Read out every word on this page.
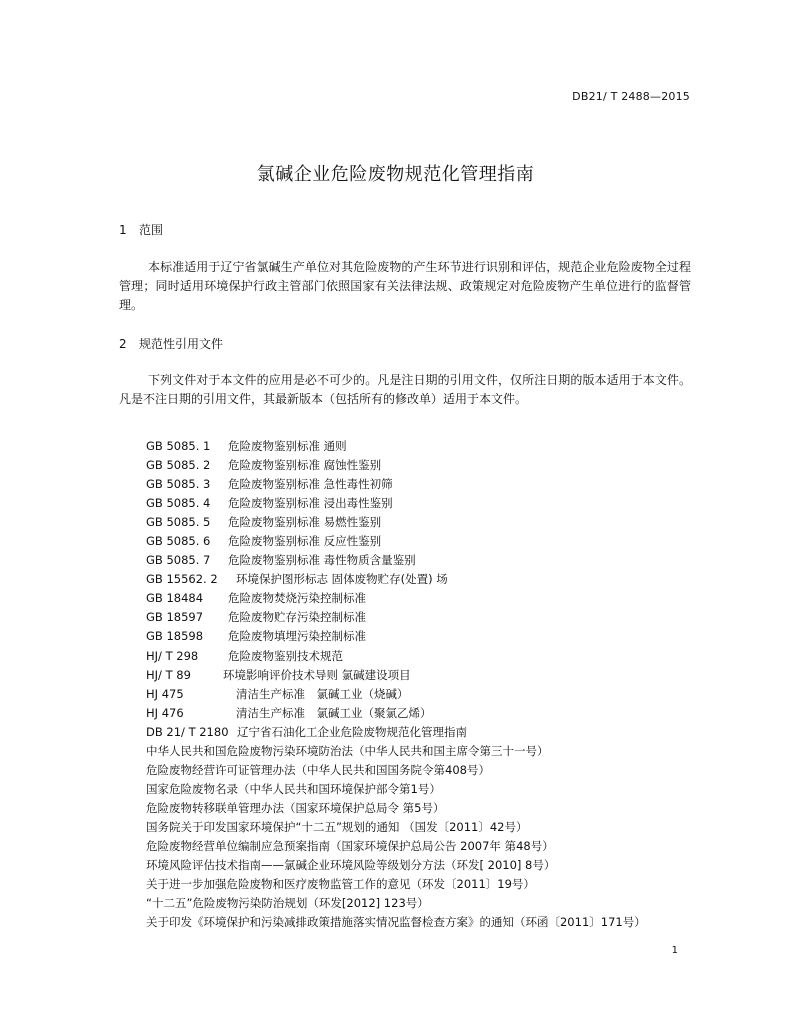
DB21/ T 2488—2015
氯碱企业危险废物规范化管理指南
1 范围

本标准适用于辽宁省氯碱生产单位对其危险废物的产生环节进行识别和评估，规范企业危险废物全过程管理；同时适用环境保护行政主管部门依照国家有关法律法规、政策规定对危险废物产生单位进行的监督管理。

2 规范性引用文件

下列文件对于本文件的应用是必不可少的。凡是注日期的引用文件，仅所注日期的版本适用于本文件。凡是不注日期的引用文件，其最新版本（包括所有的修改单）适用于本文件。

GB 5085. 1 危险废物鉴别标准 通则
GB 5085. 2 危险废物鉴别标准 腐蚀性鉴别
GB 5085. 3 危险废物鉴别标准 急性毒性初筛
GB 5085. 4 危险废物鉴别标准 浸出毒性鉴别
GB 5085. 5 危险废物鉴别标准 易燃性鉴别
GB 5085. 6 危险废物鉴别标准 反应性鉴别
GB 5085. 7 危险废物鉴别标准 毒性物质含量鉴别
GB 15562. 2 环境保护图形标志 固体废物贮存(处置) 场
GB 18484 危险废物焚烧污染控制标准
GB 18597 危险废物贮存污染控制标准
GB 18598 危险废物填埋污染控制标准
HJ/ T 298	危险废物鉴别技术规范
HJ/ T 89	环境影响评价技术导则 氯碱建设项目
HJ 475	清洁生产标准　氯碱工业（烧碱）
HJ 476	清洁生产标准　氯碱工业（聚氯乙烯）
DB 21/ T 2180 辽宁省石油化工企业危险废物规范化管理指南
中华人民共和国危险废物污染环境防治法（中华人民共和国主席令第三十一号）
危险废物经营许可证管理办法（中华人民共和国国务院令第408号）
国家危险废物名录（中华人民共和国环境保护部令第1号）
危险废物转移联单管理办法（国家环境保护总局令 第5号）
国务院关于印发国家环境保护“十二五”规划的通知 （国发〔2011〕42号）
危险废物经营单位编制应急预案指南（国家环境保护总局公告 2007年 第48号）
环境风险评估技术指南——氯碱企业环境风险等级划分方法（环发[ 2010] 8号）
关于进一步加强危险废物和医疗废物监管工作的意见（环发〔2011〕19号）
“十二五”危险废物污染防治规划（环发[2012] 123号）
关于印发《环境保护和污染减排政策措施落实情况监督检查方案》的通知（环函〔2011〕171号）
1
